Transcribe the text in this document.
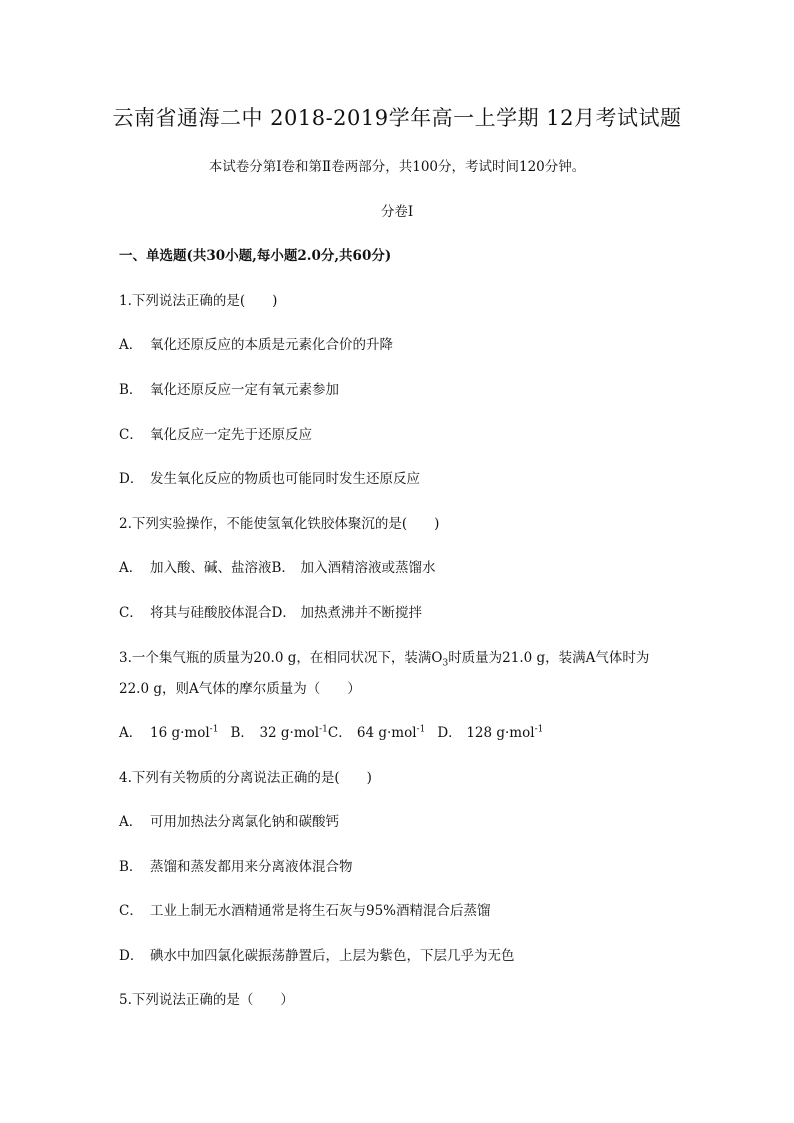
云南省通海二中 2018-2019学年高一上学期 12月考试试题
本试卷分第Ⅰ卷和第Ⅱ卷两部分，共100分，考试时间120分钟。
分卷I
一、单选题(共30小题,每小题2.0分,共60分)
1.下列说法正确的是(　　)
A． 氧化还原反应的本质是元素化合价的升降
B． 氧化还原反应一定有氧元素参加
C． 氧化反应一定先于还原反应
D． 发生氧化反应的物质也可能同时发生还原反应
2.下列实验操作，不能使氢氧化铁胶体聚沉的是(　　)
A． 加入酸、碱、盐溶液B． 加入酒精溶液或蒸馏水
C． 将其与硅酸胶体混合D． 加热煮沸并不断搅拌
3.一个集气瓶的质量为20.0 g，在相同状况下，装满$O_3$时质量为21.0 g，装满A气体时为
22.0 g，则A气体的摩尔质量为（　　）
A． 16 g·mol$^{-1}$ B． 32 g·mol$^{-1}$C． 64 g·mol$^{-1}$ D． 128 g·mol$^{-1}$
4.下列有关物质的分离说法正确的是(　　)
A． 可用加热法分离氯化钠和碳酸钙
B． 蒸馏和蒸发都用来分离液体混合物
C． 工业上制无水酒精通常是将生石灰与95%酒精混合后蒸馏
D． 碘水中加四氯化碳振荡静置后，上层为紫色，下层几乎为无色
5.下列说法正确的是（　　）
